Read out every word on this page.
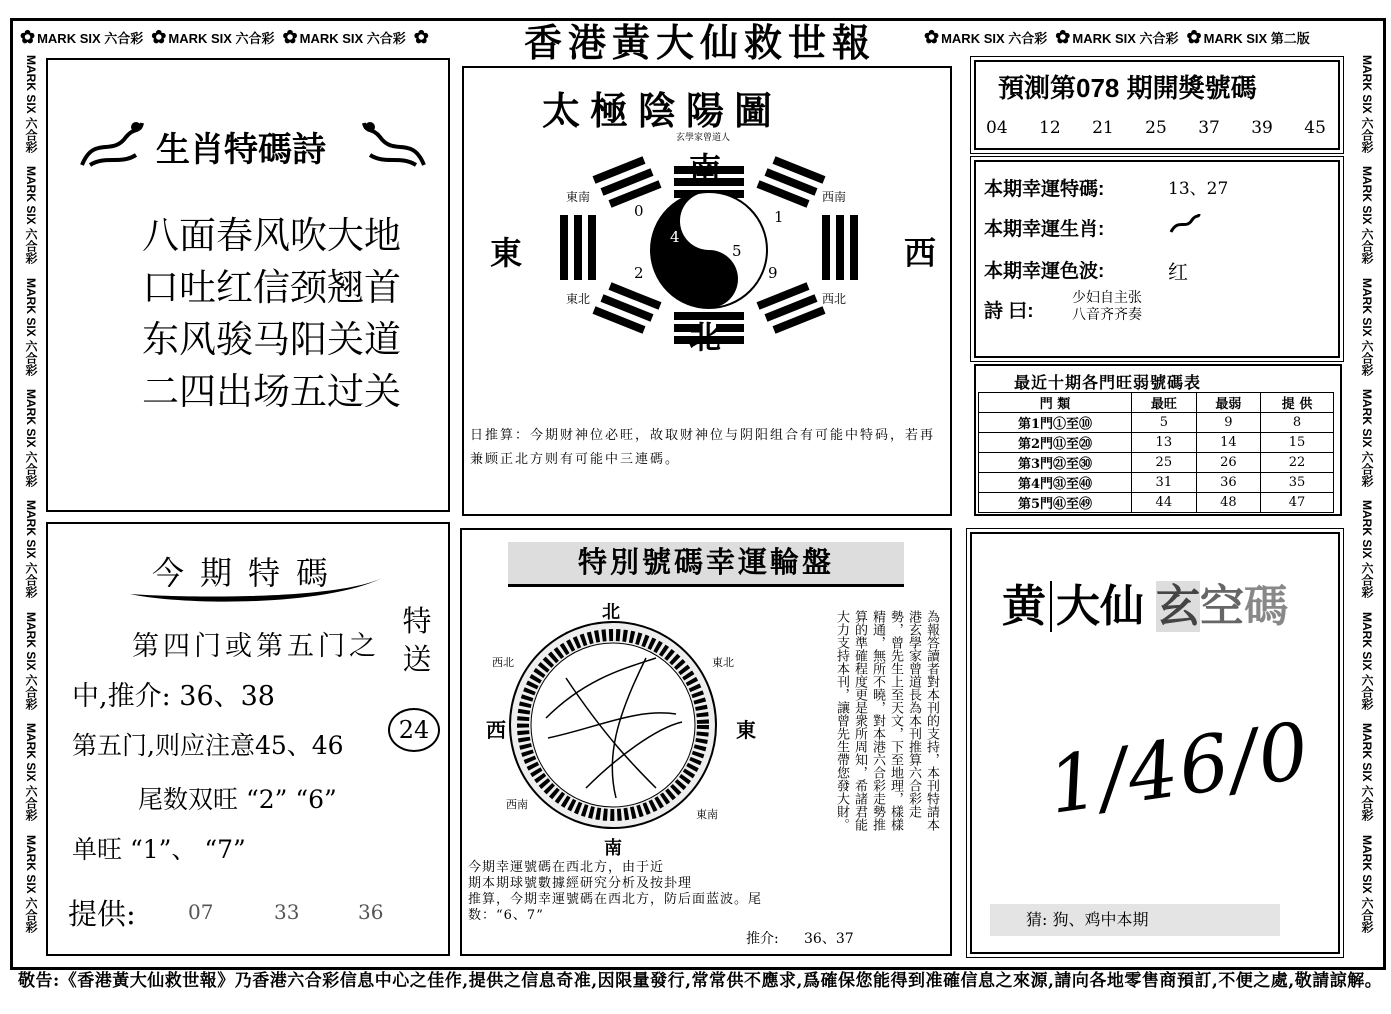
✿ MARK SIX 六合彩 ✿ MARK SIX 六合彩 ✿ MARK SIX 六合彩 ✿	香港黃大仙救世報	✿ MARK SIX 六合彩 ✿ MARK SIX 六合彩 ✿ MARK SIX 第二版
MARK SIX 六合彩 MARK SIX 六合彩 MARK SIX 六合彩 MARK SIX 六合彩 MARK SIX 六合彩 MARK SIX 六合彩 MARK SIX 六合彩 MARK SIX 六合彩
MARK SIX 六合彩 MARK SIX 六合彩 MARK SIX 六合彩 MARK SIX 六合彩 MARK SIX 六合彩 MARK SIX 六合彩 MARK SIX 六合彩 MARK SIX 六合彩
生肖特碼詩
八面春风吹大地
口吐红信颈翘首
东风骏马阳关道
二四出场五过关
太極陰陽圖
玄學家曾道人
南
北
東	西
東南	西南
東北	西北
0	1
4
5
2	9
日推算：今期财神位必旺，故取财神位与阴阳组合有可能中特码，若再兼顾正北方则有可能中三連碼。
預測第078 期開獎號碼
04 12 21 25 37 39 45
本期幸運特碼:	13、27
本期幸運生肖:
本期幸運色波:	红
詩 曰:
少妇自主张
八音齐齐奏
最近十期各門旺弱號碼表
門 類	最旺	最弱	提 供
第1門①至⑩	5	9	8
第2門⑪至⑳	13	14	15
第3門㉑至㉚	25	26	22
第4門㉛至㊵	31	36	35
第5門㊶至㊾	44	48	47
今期特碼
第四门或第五门之
中,推介: 36、38
第五门,则应注意45、46
尾数双旺 “2” “6”
单旺 “1”、 “7”
特送
24
提供:	07	33	36
特別號碼幸運輪盤
北
南
東
西
東北
西北
東南
西南	為報答讀者對本刊的支持，本刊特請本港玄學家曾道長為本刊推算六合彩走勢，曾先生上至天文，下至地理，樣樣精通，無所不曉，對本港六合彩走勢推算的準確程度更是衆所周知，希諸君能大力支持本刊，讓曾先生帶您發大財。
今期幸運號碼在西北方，由于近
期本期球號數據經研究分析及按卦理
推算，今期幸運號碼在西北方，防后面蓝波。尾
数：“6、7”
推介: 36、37
黄 大仙 玄空碼
1/46/0
猜: 狗、鸡中本期
敬告:《香港黃大仙救世報》乃香港六合彩信息中心之佳作,提供之信息奇准,因限量發行,常常供不應求,爲確保您能得到准確信息之來源,請向各地零售商預訂,不便之處,敬請諒解。
